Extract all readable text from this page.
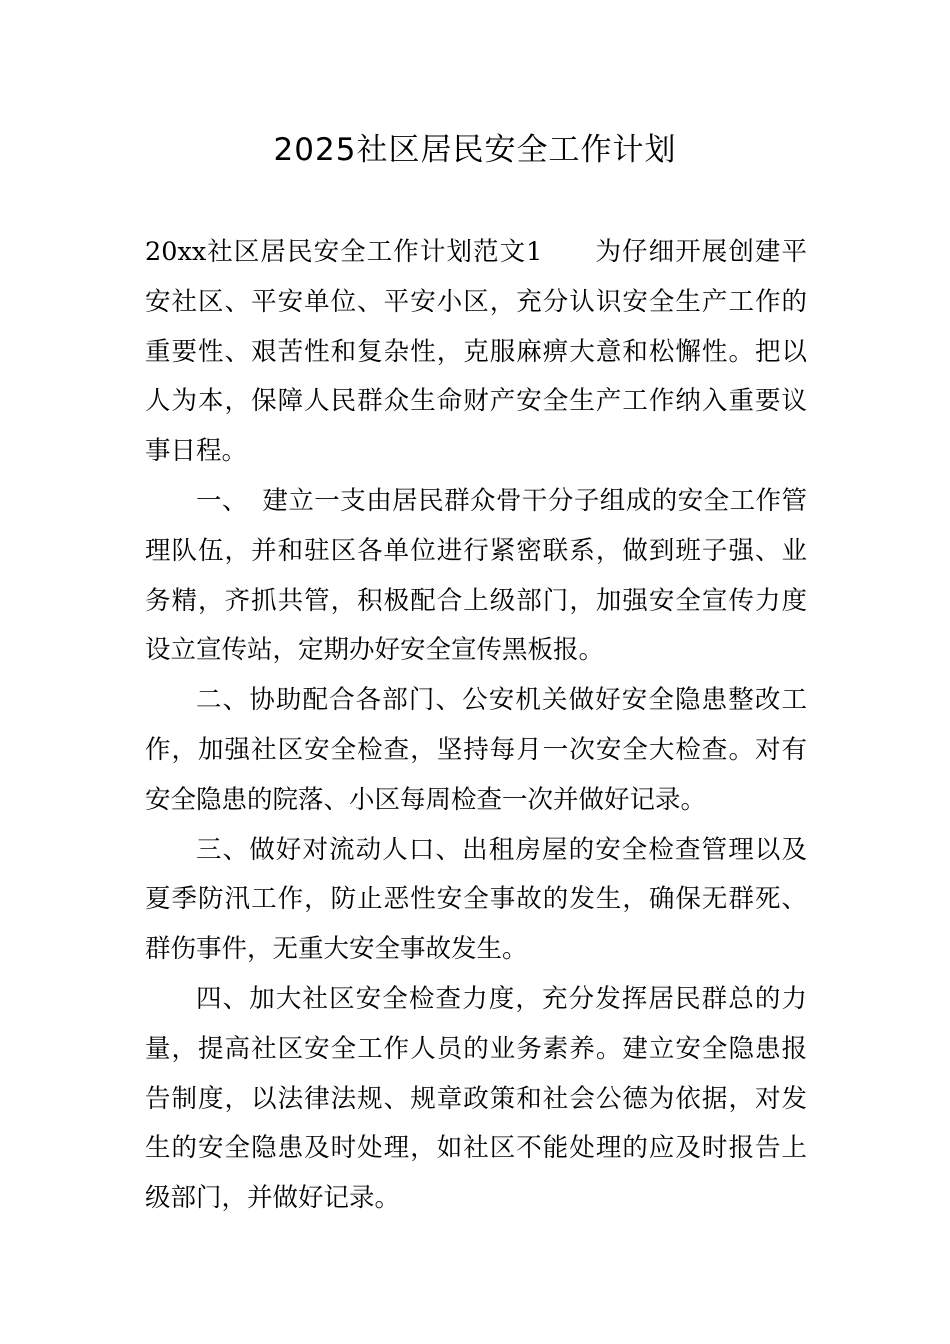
2025社区居民安全工作计划

20xx社区居民安全工作计划范文1 为仔细开展创建平安社区、平安单位、平安小区，充分认识安全生产工作的重要性、艰苦性和复杂性，克服麻痹大意和松懈性。把以人为本，保障人民群众生命财产安全生产工作纳入重要议事日程。

一、 建立一支由居民群众骨干分子组成的安全工作管理队伍，并和驻区各单位进行紧密联系，做到班子强、业务精，齐抓共管，积极配合上级部门，加强安全宣传力度设立宣传站，定期办好安全宣传黑板报。

二、协助配合各部门、公安机关做好安全隐患整改工作，加强社区安全检查，坚持每月一次安全大检查。对有安全隐患的院落、小区每周检查一次并做好记录。

三、做好对流动人口、出租房屋的安全检查管理以及夏季防汛工作，防止恶性安全事故的发生，确保无群死、群伤事件，无重大安全事故发生。

四、加大社区安全检查力度，充分发挥居民群总的力量，提高社区安全工作人员的业务素养。建立安全隐患报告制度，以法律法规、规章政策和社会公德为依据，对发生的安全隐患及时处理，如社区不能处理的应及时报告上级部门，并做好记录。
